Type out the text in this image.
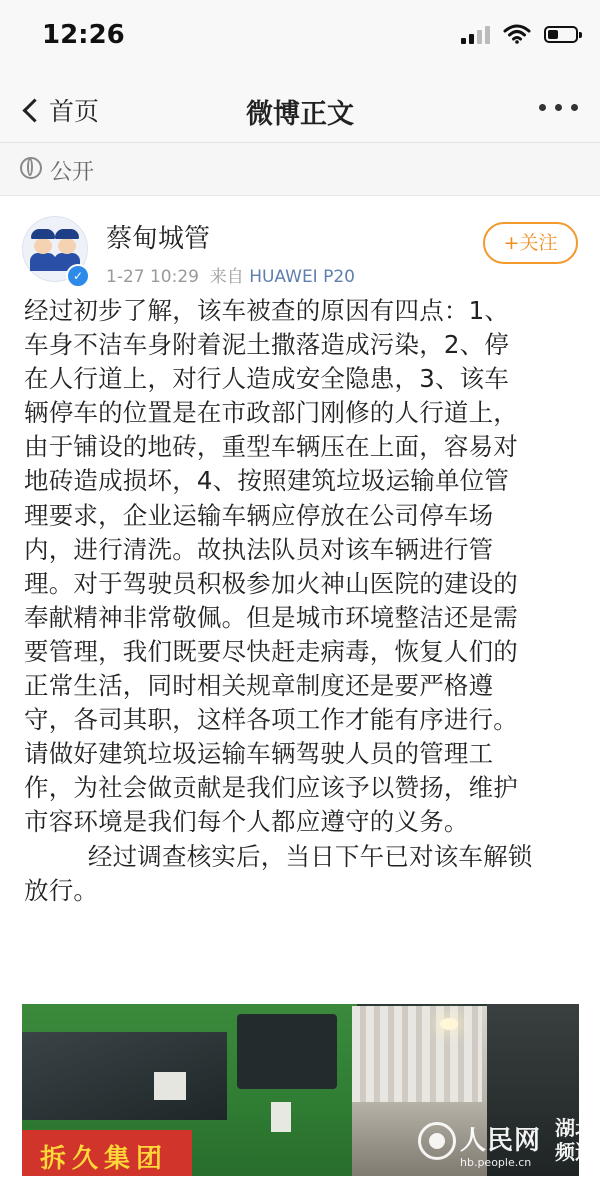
12:26
首页	微博正文
公开
✓
蔡甸城管
1-27 10:29 来自 HUAWEI P20
+关注
经过初步了解，该车被查的原因有四点：1、
车身不洁车身附着泥土撒落造成污染，2、停
在人行道上，对行人造成安全隐患，3、该车
辆停车的位置是在市政部门刚修的人行道上，
由于铺设的地砖，重型车辆压在上面，容易对
地砖造成损坏，4、按照建筑垃圾运输单位管
理要求，企业运输车辆应停放在公司停车场
内，进行清洗。故执法队员对该车辆进行管
理。对于驾驶员积极参加火神山医院的建设的
奉献精神非常敬佩。但是城市环境整洁还是需
要管理，我们既要尽快赶走病毒，恢复人们的
正常生活，同时相关规章制度还是要严格遵
守，各司其职，这样各项工作才能有序进行。
请做好建筑垃圾运输车辆驾驶人员的管理工
作，为社会做贡献是我们应该予以赞扬，维护
市容环境是我们每个人都应遵守的义务。
经过调查核实后，当日下午已对该车解锁
放行。
拆久集团
人民网
hb.people.cn
湖北频道
